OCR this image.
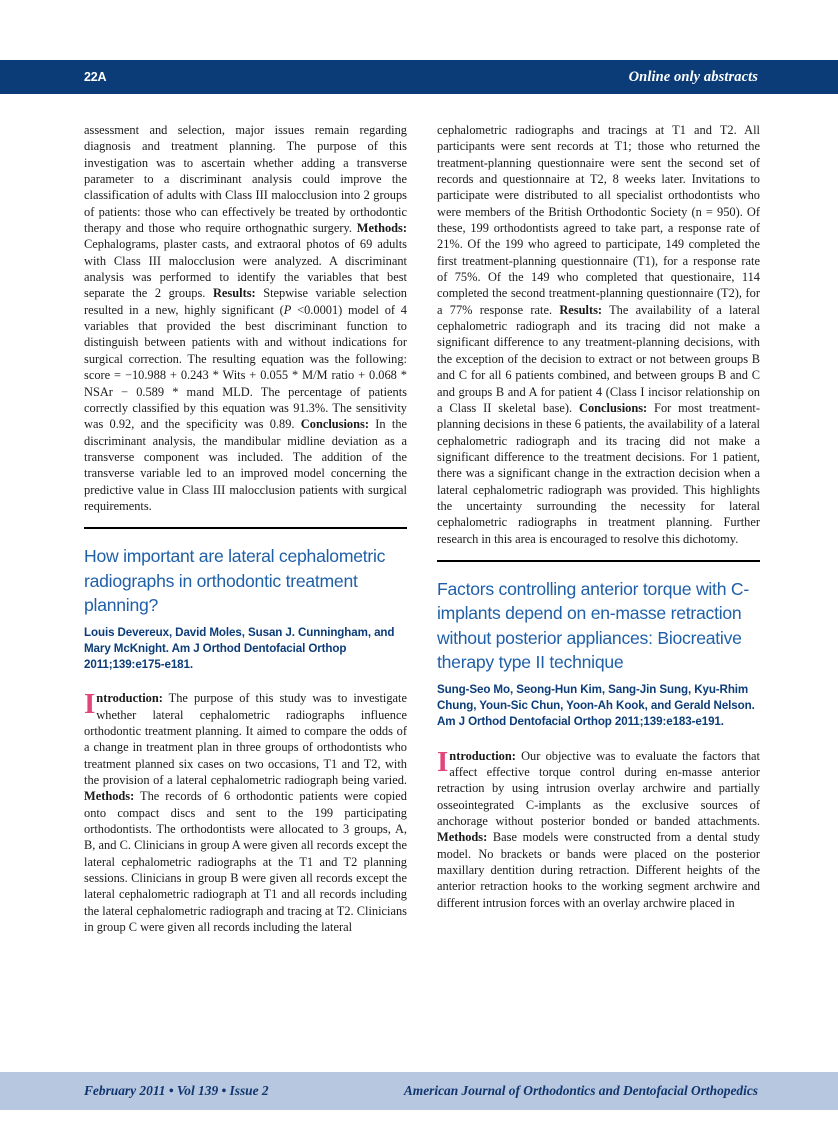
22A	Online only abstracts

assessment and selection, major issues remain regarding diagnosis and treatment planning. The purpose of this investigation was to ascertain whether adding a transverse parameter to a discriminant analysis could improve the classification of adults with Class III malocclusion into 2 groups of patients: those who can effectively be treated by orthodontic therapy and those who require orthognathic surgery. Methods: Cephalograms, plaster casts, and extraoral photos of 69 adults with Class III malocclusion were analyzed. A discriminant analysis was performed to identify the variables that best separate the 2 groups. Results: Stepwise variable selection resulted in a new, highly significant (P <0.0001) model of 4 variables that provided the best discriminant function to distinguish between patients with and without indications for surgical correction. The resulting equation was the following: score = −10.988 + 0.243 * Wits + 0.055 * M/M ratio + 0.068 * NSAr − 0.589 * mand MLD. The percentage of patients correctly classified by this equation was 91.3%. The sensitivity was 0.92, and the specificity was 0.89. Conclusions: In the discriminant analysis, the mandibular midline deviation as a transverse component was included. The addition of the transverse variable led to an improved model concerning the predictive value in Class III malocclusion patients with surgical requirements.

How important are lateral cephalometric radiographs in orthodontic treatment planning?

Louis Devereux, David Moles, Susan J. Cunningham, and Mary McKnight. Am J Orthod Dentofacial Orthop 2011;139:e175-e181.

Introduction: The purpose of this study was to investigate whether lateral cephalometric radiographs influence orthodontic treatment planning. It aimed to compare the odds of a change in treatment plan in three groups of orthodontists who treatment planned six cases on two occasions, T1 and T2, with the provision of a lateral cephalometric radiograph being varied. Methods: The records of 6 orthodontic patients were copied onto compact discs and sent to the 199 participating orthodontists. The orthodontists were allocated to 3 groups, A, B, and C. Clinicians in group A were given all records except the lateral cephalometric radiographs at the T1 and T2 planning sessions. Clinicians in group B were given all records except the lateral cephalometric radiograph at T1 and all records including the lateral cephalometric radiograph and tracing at T2. Clinicians in group C were given all records including the lateral

cephalometric radiographs and tracings at T1 and T2. All participants were sent records at T1; those who returned the treatment-planning questionnaire were sent the second set of records and questionnaire at T2, 8 weeks later. Invitations to participate were distributed to all specialist orthodontists who were members of the British Orthodontic Society (n = 950). Of these, 199 orthodontists agreed to take part, a response rate of 21%. Of the 199 who agreed to participate, 149 completed the first treatment-planning questionnaire (T1), for a response rate of 75%. Of the 149 who completed that questionaire, 114 completed the second treatment-planning questionnaire (T2), for a 77% response rate. Results: The availability of a lateral cephalometric radiograph and its tracing did not make a significant difference to any treatment-planning decisions, with the exception of the decision to extract or not between groups B and C for all 6 patients combined, and between groups B and C and groups B and A for patient 4 (Class I incisor relationship on a Class II skeletal base). Conclusions: For most treatment-planning decisions in these 6 patients, the availability of a lateral cephalometric radiograph and its tracing did not make a significant difference to the treatment decisions. For 1 patient, there was a significant change in the extraction decision when a lateral cephalometric radiograph was provided. This highlights the uncertainty surrounding the necessity for lateral cephalometric radiographs in treatment planning. Further research in this area is encouraged to resolve this dichotomy.

Factors controlling anterior torque with C-implants depend on en-masse retraction without posterior appliances: Biocreative therapy type II technique

Sung-Seo Mo, Seong-Hun Kim, Sang-Jin Sung, Kyu-Rhim Chung, Youn-Sic Chun, Yoon-Ah Kook, and Gerald Nelson. Am J Orthod Dentofacial Orthop 2011;139:e183-e191.

Introduction: Our objective was to evaluate the factors that affect effective torque control during en-masse anterior retraction by using intrusion overlay archwire and partially osseointegrated C-implants as the exclusive sources of anchorage without posterior bonded or banded attachments. Methods: Base models were constructed from a dental study model. No brackets or bands were placed on the posterior maxillary dentition during retraction. Different heights of the anterior retraction hooks to the working segment archwire and different intrusion forces with an overlay archwire placed in

February 2011 • Vol 139 • Issue 2	American Journal of Orthodontics and Dentofacial Orthopedics
